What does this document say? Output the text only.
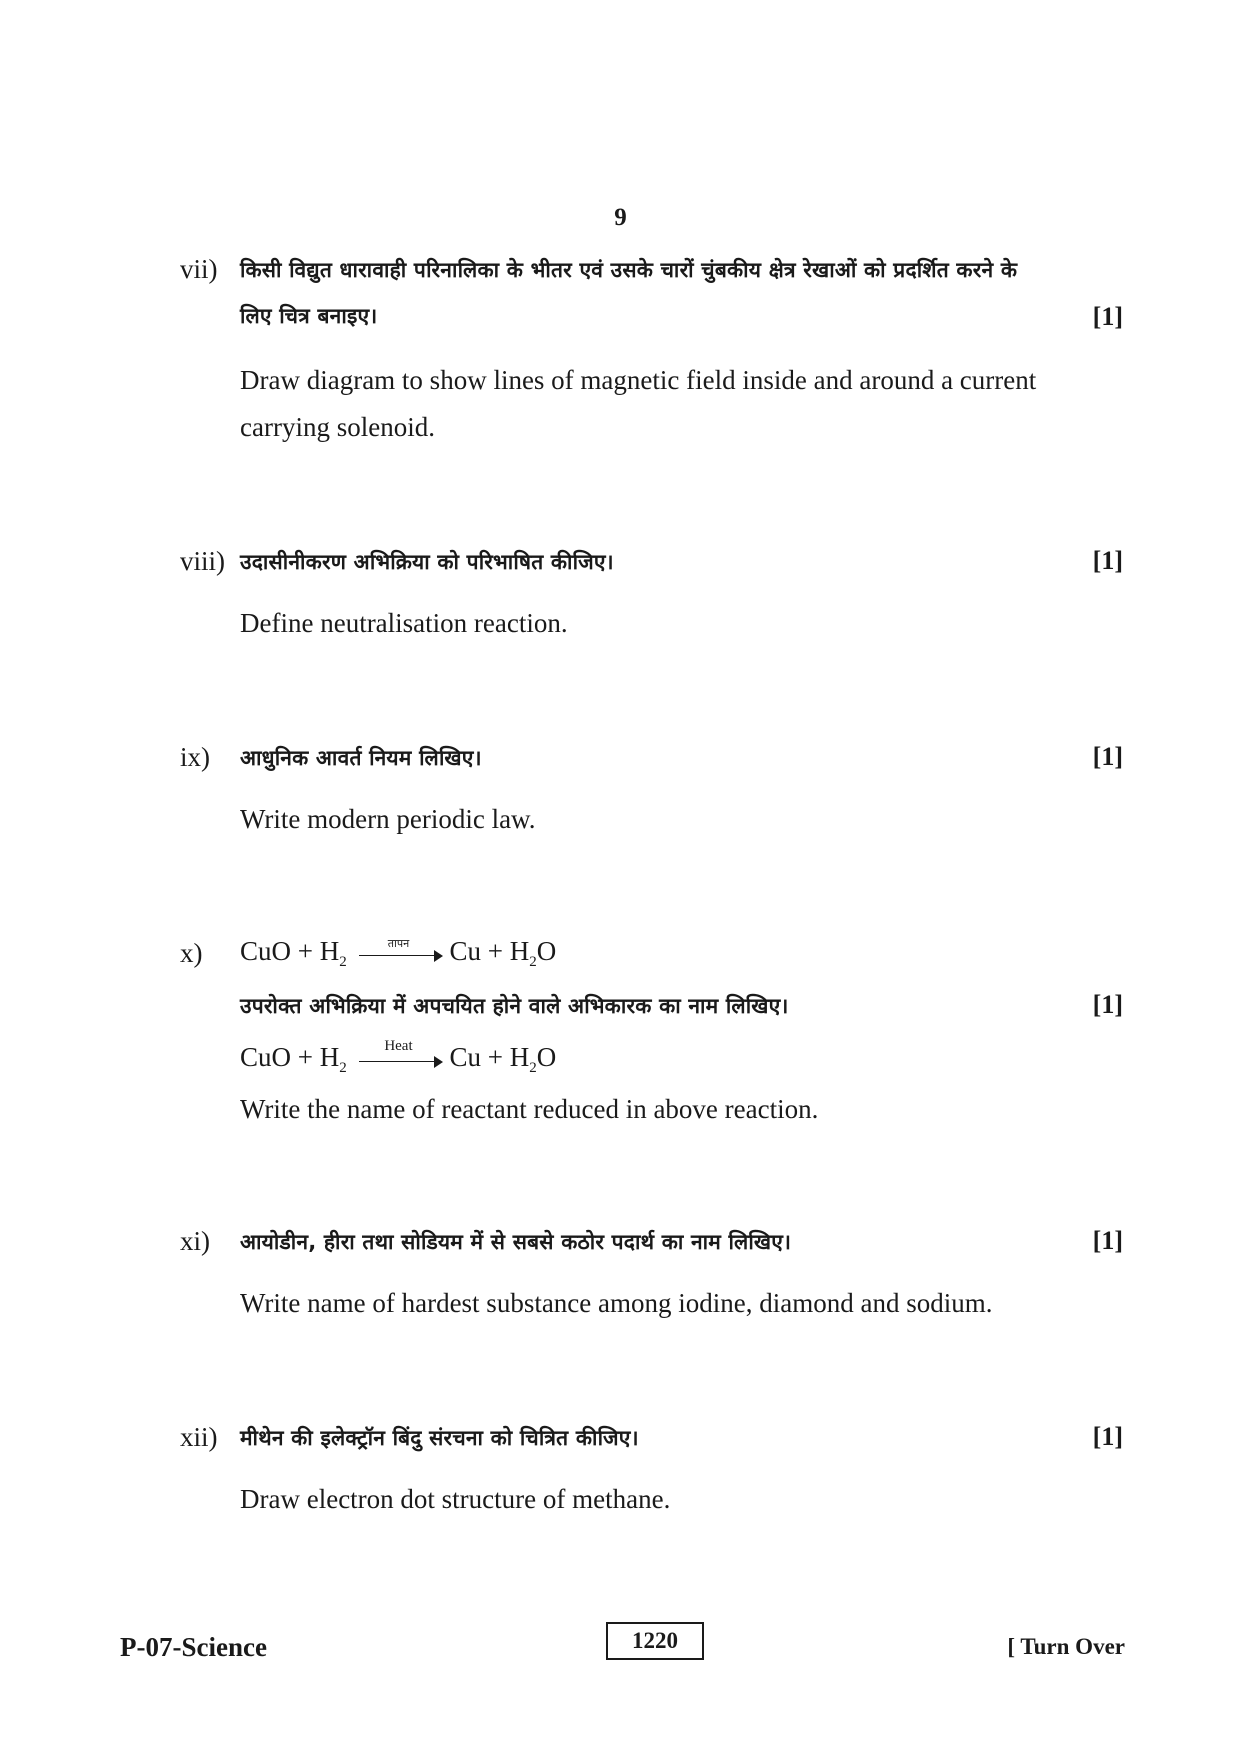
9
vii) किसी विद्युत धारावाही परिनालिका के भीतर एवं उसके चारों चुंबकीय क्षेत्र रेखाओं को प्रदर्शित करने के
लिए चित्र बनाइए।	[1]
Draw diagram to show lines of magnetic field inside and around a current carrying solenoid.
viii) उदासीनीकरण अभिक्रिया को परिभाषित कीजिए।	[1]
Define neutralisation reaction.
ix) आधुनिक आवर्त नियम लिखिए।	[1]
Write modern periodic law.
x) CuO + $H_2$
तापन	$Cu + H_2O$
उपरोक्त अभिक्रिया में अपचयित होने वाले अभिकारक का नाम लिखिए।	[1]
CuO + $H_2$
Heat	$Cu + H_2O$
Write the name of reactant reduced in above reaction.
xi) आयोडीन, हीरा तथा सोडियम में से सबसे कठोर पदार्थ का नाम लिखिए।	[1]
Write name of hardest substance among iodine, diamond and sodium.
xii) मीथेन की इलेक्ट्रॉन बिंदु संरचना को चित्रित कीजिए।	[1]
Draw electron dot structure of methane.
P-07-Science	1220	[ Turn Over
